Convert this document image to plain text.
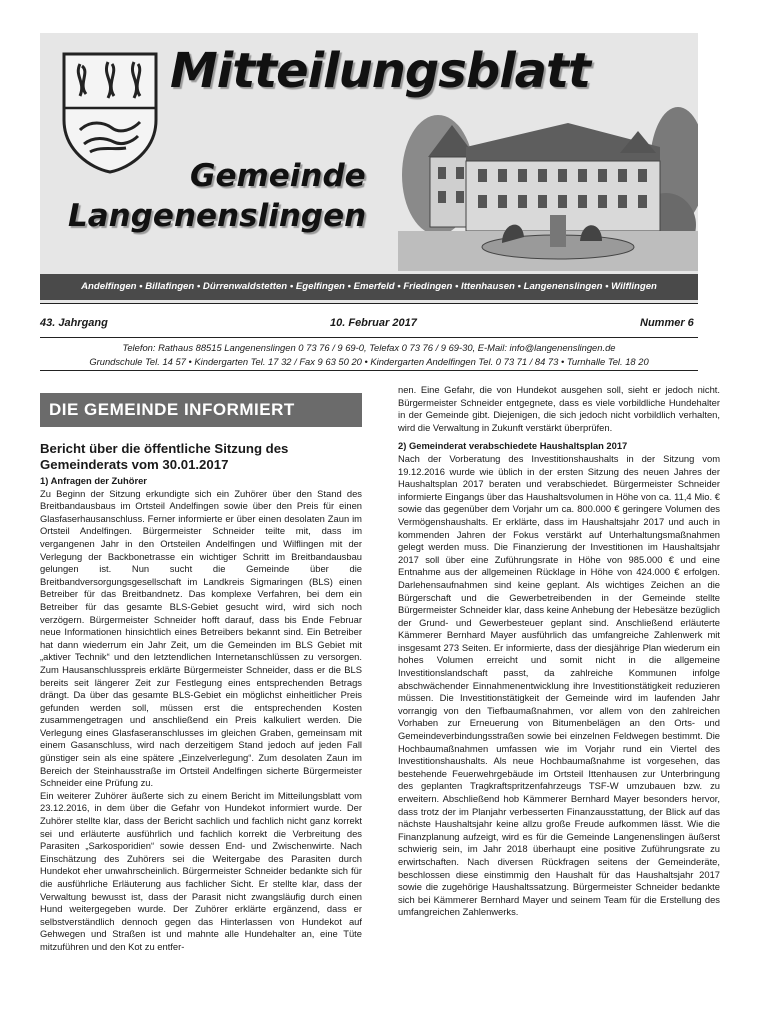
Mitteilungsblatt
Gemeinde
Langenenslingen
Andelfingen • Billafingen • Dürrenwaldstetten • Egelfingen • Emerfeld • Friedingen • Ittenhausen • Langenenslingen • Wilflingen
43. Jahrgang	10. Februar 2017	Nummer 6
Telefon: Rathaus 88515 Langenenslingen 0 73 76 / 9 69-0, Telefax 0 73 76 / 9 69-30, E-Mail: info@langenenslingen.de
Grundschule Tel. 14 57 • Kindergarten Tel. 17 32 / Fax 9 63 50 20 • Kindergarten Andelfingen Tel. 0 73 71 / 84 73 • Turnhalle Tel. 18 20
DIE GEMEINDE INFORMIERT
Bericht über die öffentliche Sitzung des Gemeinderats vom 30.01.2017
1) Anfragen der Zuhörer

Zu Beginn der Sitzung erkundigte sich ein Zuhörer über den Stand des Breitbandausbaus im Ortsteil Andelfingen sowie über den Preis für einen Glasfaserhausanschluss. Ferner informierte er über einen desolaten Zaun im Ortsteil Andelfingen. Bürgermeister Schneider teilte mit, dass im vergangenen Jahr in den Ortsteilen Andelfingen und Wilflingen mit der Verlegung der Backbonetrasse ein wichtiger Schritt im Breitbandausbau gelungen ist. Nun sucht die Gemeinde über die Breitbandversorgungsgesellschaft im Landkreis Sigmaringen (BLS) einen Betreiber für das Breitbandnetz. Das komplexe Verfahren, bei dem ein Betreiber für das gesamte BLS-Gebiet gesucht wird, wird sich noch verzögern. Bürgermeister Schneider hofft darauf, dass bis Ende Februar neue Informationen hinsichtlich eines Betreibers bekannt sind. Ein Betreiber hat dann wiederrum ein Jahr Zeit, um die Gemeinden im BLS Gebiet mit „aktiver Technik“ und den letztendlichen Internetanschlüssen zu versorgen. Zum Hausanschlusspreis erklärte Bürgermeister Schneider, dass er die BLS bereits seit längerer Zeit zur Festlegung eines entsprechenden Betrags drängt. Da über das gesamte BLS-Gebiet ein möglichst einheitlicher Preis gefunden werden soll, müssen erst die entsprechenden Kosten zusammengetragen und anschließend ein Preis kalkuliert werden. Die Verlegung eines Glasfaseranschlusses im gleichen Graben, gemeinsam mit einem Gasanschluss, wird nach derzeitigem Stand jedoch auf jeden Fall günstiger sein als eine spätere „Einzelverlegung“. Zum desolaten Zaun im Bereich der Steinhausstraße im Ortsteil Andelfingen sicherte Bürgermeister Schneider eine Prüfung zu.

Ein weiterer Zuhörer äußerte sich zu einem Bericht im Mitteilungsblatt vom 23.12.2016, in dem über die Gefahr von Hundekot informiert wurde. Der Zuhörer stellte klar, dass der Bericht sachlich und fachlich nicht ganz korrekt sei und erläuterte ausführlich und fachlich korrekt die Verbreitung des Parasiten „Sarkosporidien“ sowie dessen End- und Zwischenwirte. Nach Einschätzung des Zuhörers sei die Weitergabe des Parasiten durch Hundekot eher unwahrscheinlich. Bürgermeister Schneider bedankte sich für die ausführliche Erläuterung aus fachlicher Sicht. Er stellte klar, dass der Verwaltung bewusst ist, dass der Parasit nicht zwangsläufig durch einen Hund weitergegeben wurde. Der Zuhörer erklärte ergänzend, dass er selbstverständlich dennoch gegen das Hinterlassen von Hundekot auf Gehwegen und Straßen ist und mahnte alle Hundehalter an, eine Tüte mitzuführen und den Kot zu entfer-

nen. Eine Gefahr, die von Hundekot ausgehen soll, sieht er jedoch nicht. Bürgermeister Schneider entgegnete, dass es viele vorbildliche Hundehalter in der Gemeinde gibt. Diejenigen, die sich jedoch nicht vorbildlich verhalten, wird die Verwaltung in Zukunft verstärkt überprüfen.

2) Gemeinderat verabschiedete Haushaltsplan 2017

Nach der Vorberatung des Investitionshaushalts in der Sitzung vom 19.12.2016 wurde wie üblich in der ersten Sitzung des neuen Jahres der Haushaltsplan 2017 beraten und verabschiedet. Bürgermeister Schneider informierte Eingangs über das Haushaltsvolumen in Höhe von ca. 11,4 Mio. € sowie das gegenüber dem Vorjahr um ca. 800.000 € geringere Volumen des Vermögenshaushalts. Er erklärte, dass im Haushaltsjahr 2017 und auch in kommenden Jahren der Fokus verstärkt auf Unterhaltungsmaßnahmen gelegt werden muss. Die Finanzierung der Investitionen im Haushaltsjahr 2017 soll über eine Zuführungsrate in Höhe von 985.000 € und eine Entnahme aus der allgemeinen Rücklage in Höhe von 424.000 € erfolgen. Darlehensaufnahmen sind keine geplant. Als wichtiges Zeichen an die Bürgerschaft und die Gewerbetreibenden in der Gemeinde stellte Bürgermeister Schneider klar, dass keine Anhebung der Hebesätze bezüglich der Grund- und Gewerbesteuer geplant sind. Anschließend erläuterte Kämmerer Bernhard Mayer ausführlich das umfangreiche Zahlenwerk mit insgesamt 273 Seiten. Er informierte, dass der diesjährige Plan wiederum ein hohes Volumen erreicht und somit nicht in die allgemeine Investitionslandschaft passt, da zahlreiche Kommunen infolge abschwächender Einnahmenentwicklung ihre Investitionstätigkeit reduzieren müssen. Die Investitionstätigkeit der Gemeinde wird im laufenden Jahr vorrangig von den Tiefbaumaßnahmen, vor allem von den zahlreichen Vorhaben zur Erneuerung von Bitumenbelägen an den Orts- und Gemeindeverbindungsstraßen sowie bei einzelnen Feldwegen bestimmt. Die Hochbaumaßnahmen umfassen wie im Vorjahr rund ein Viertel des Investitionshaushalts. Als neue Hochbaumaßnahme ist vorgesehen, das bestehende Feuerwehrgebäude im Ortsteil Ittenhausen zur Unterbringung des geplanten Tragkraftspritzenfahrzeugs TSF-W umzubauen bzw. zu erweitern. Abschließend hob Kämmerer Bernhard Mayer besonders hervor, dass trotz der im Planjahr verbesserten Finanzausstattung, der Blick auf das nächste Haushaltsjahr keine allzu große Freude aufkommen lässt. Wie die Finanzplanung aufzeigt, wird es für die Gemeinde Langenenslingen äußerst schwierig sein, im Jahr 2018 überhaupt eine positive Zuführungsrate zu erwirtschaften. Nach diversen Rückfragen seitens der Gemeinderäte, beschlossen diese einstimmig den Haushalt für das Haushaltsjahr 2017 sowie die zugehörige Haushaltssatzung. Bürgermeister Schneider bedankte sich bei Kämmerer Bernhard Mayer und seinem Team für die Erstellung des umfangreichen Zahlenwerks.
